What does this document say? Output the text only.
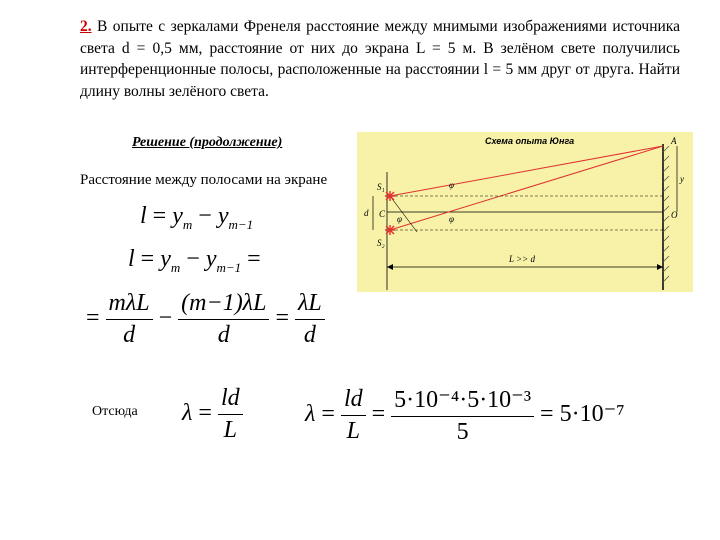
2. В опыте с зеркалами Френеля расстояние между мнимыми изображениями источника света d = 0,5 мм, расстояние от них до экрана L = 5 м. В зелёном свете получились интерференционные полосы, расположенные на расстоянии l = 5 мм друг от друга. Найти длину волны зелёного света.
Решение (продолжение)
Расстояние между полосами на экране
$l = y_m - y_{m-1}$
$l = y_m - y_{m-1}$ =
=
mλL
d
− $\frac{(m-1)\lambda L}{d} = \frac{\lambda L}{d}$
Отсюда $\lambda = \frac{ld}{L}$	$\lambda = \frac{ld}{L} = \frac{\text{5·10⁻⁴·5·10⁻³}}{5} = 5\cdot 10^{-7}$
Схема опыта Юнга
S₁
S₂
d C
φ
φ
φ	O
y
A
L >> d
